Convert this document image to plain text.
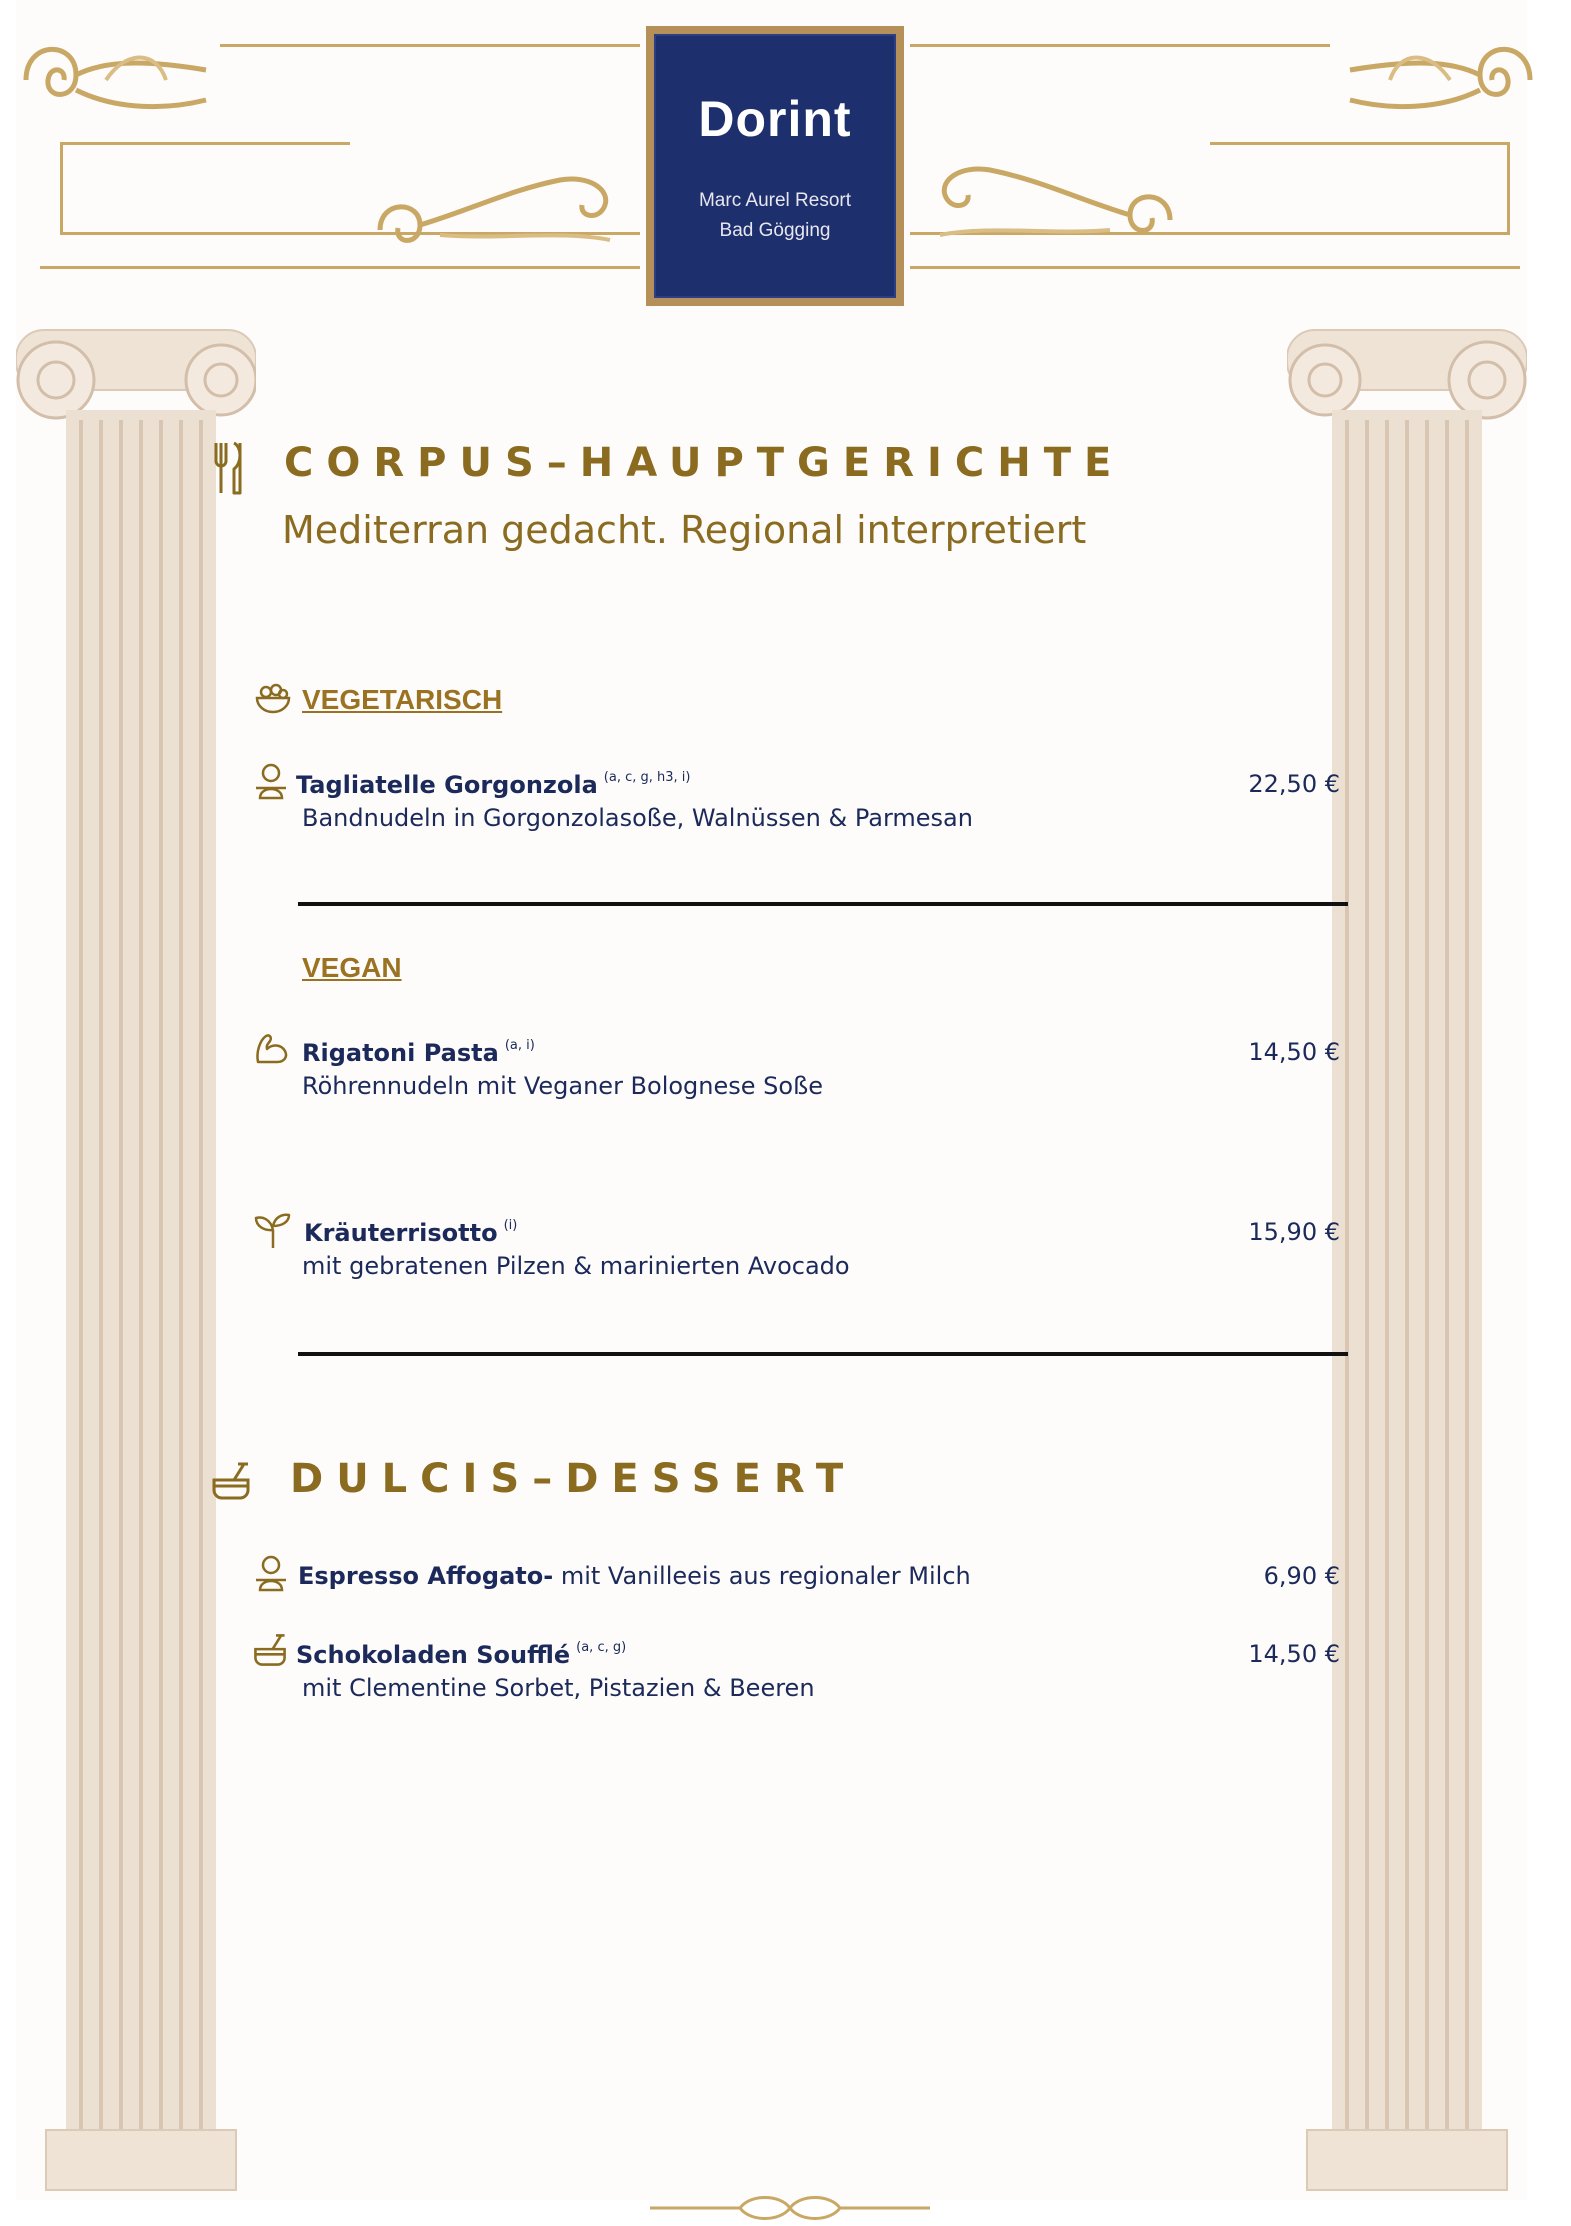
Dorint
Marc Aurel Resort
Bad Gögging
CORPUS–HAUPTGERICHTE
Mediterran gedacht. Regional interpretiert
VEGETARISCH
Tagliatelle Gorgonzola $^{(a, c, g, h3, i)}$
Bandnudeln in Gorgonzolasoße, Walnüssen & Parmesan
22,50 €
VEGAN
Rigatoni Pasta $^{(a, i)}$
Röhrennudeln mit Veganer Bolognese Soße
14,50 €
Kräuterrisotto $^{(i)}$
mit gebratenen Pilzen & marinierten Avocado
15,90 €
DULCIS–DESSERT
Espresso Affogato- mit Vanilleeis aus regionaler Milch	6,90 €
Schokoladen Soufflé $^{(a, c, g)}$
mit Clementine Sorbet, Pistazien & Beeren
14,50 €
